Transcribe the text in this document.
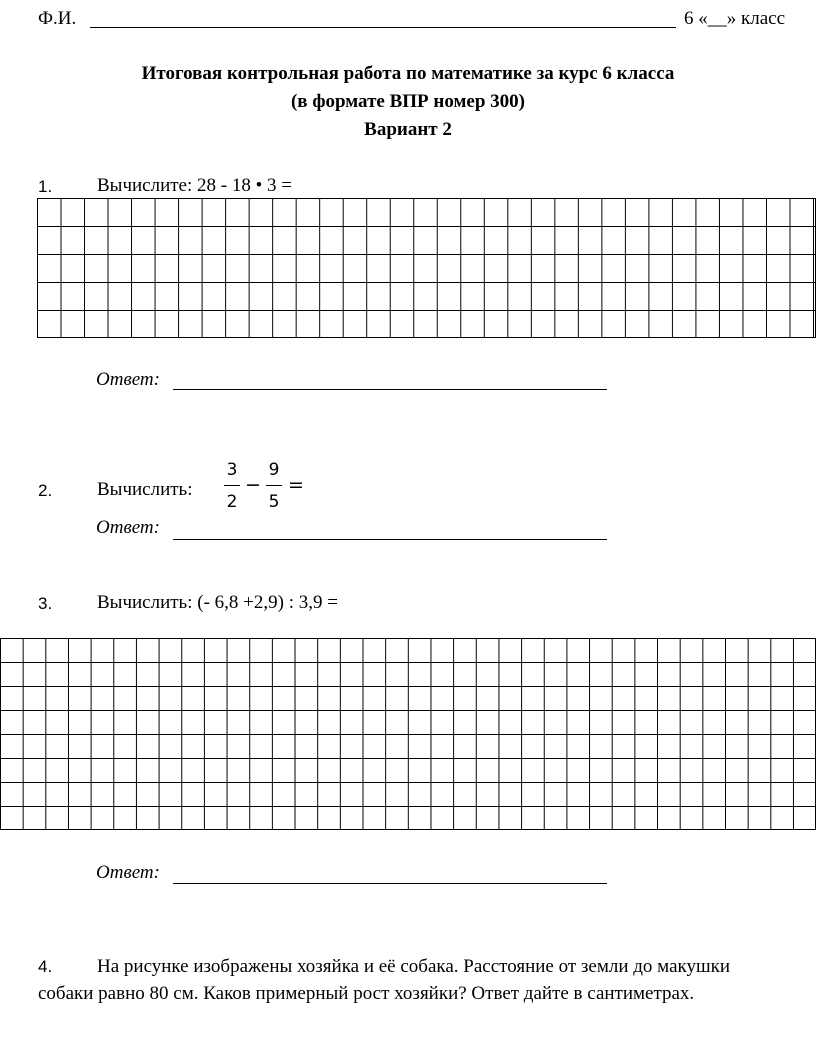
Ф.И.	6 «__» класс
Итоговая контрольная работа по математике за курс 6 класса
(в формате ВПР номер 300)
Вариант 2
1. Вычислите: 28 - 18 • 3 =
Ответ:
2. Вычислить:
3
2
−
9
5
=
Ответ:
3. Вычислить: (- 6,8 +2,9) : 3,9 =
Ответ:
4.	На рисунке изображены хозяйка и её собака. Расстояние от земли до макушки собаки равно 80 см. Каков примерный рост хозяйки? Ответ дайте в сантиметрах.
